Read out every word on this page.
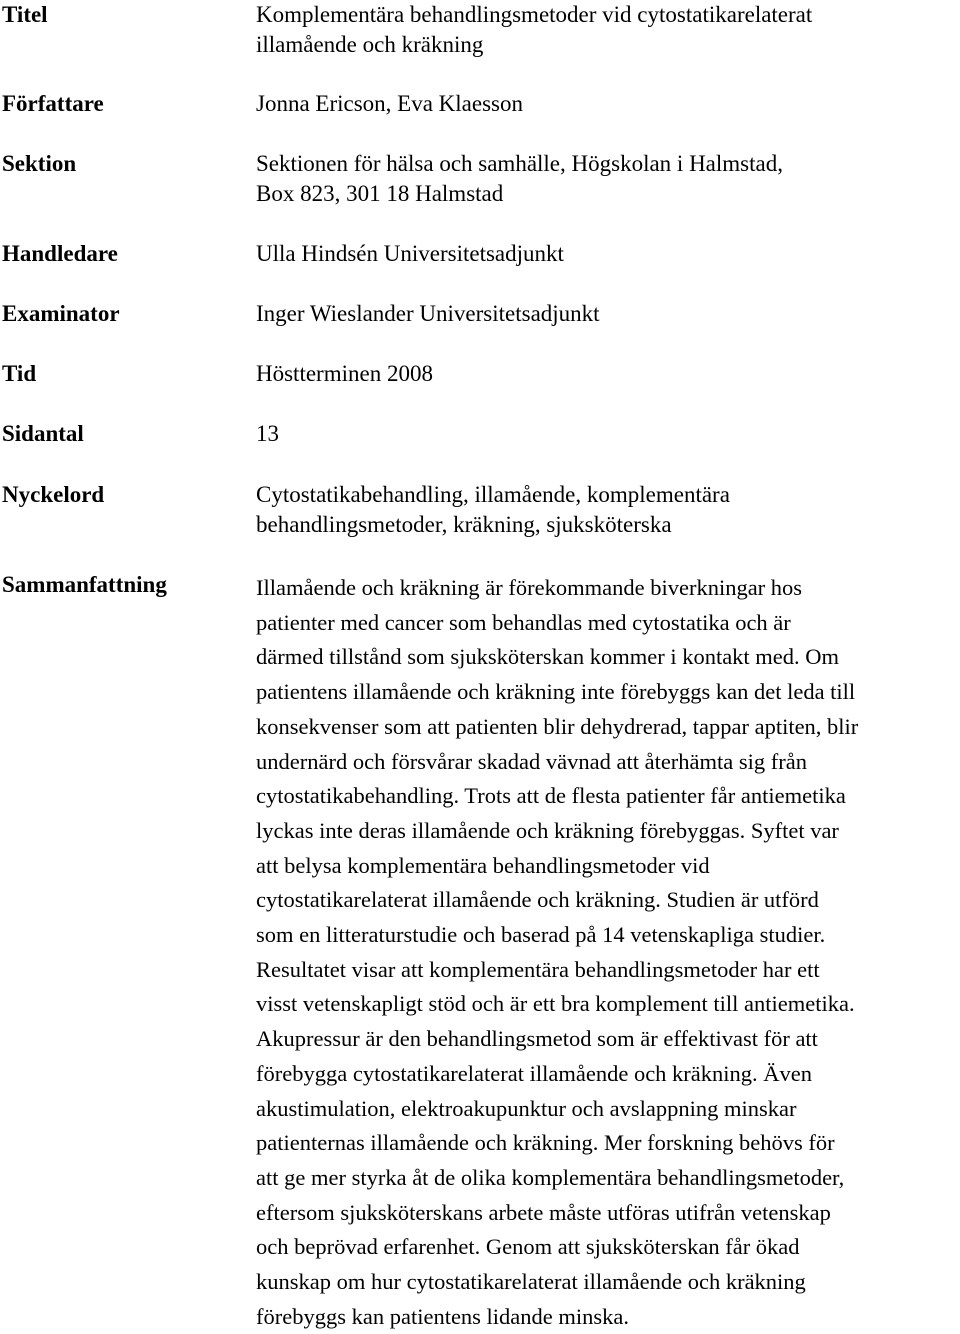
Titel	Komplementära behandlingsmetoder vid cytostatikarelaterat
illamående och kräkning
Författare	Jonna Ericson, Eva Klaesson
Sektion	Sektionen för hälsa och samhälle, Högskolan i Halmstad,
Box 823, 301 18 Halmstad
Handledare	Ulla Hindsén Universitetsadjunkt
Examinator	Inger Wieslander Universitetsadjunkt
Tid	Höstterminen 2008
Sidantal	13
Nyckelord	Cytostatikabehandling, illamående, komplementära
behandlingsmetoder, kräkning, sjuksköterska
Sammanfattning	Illamående och kräkning är förekommande biverkningar hos
patienter med cancer som behandlas med cytostatika och är
därmed tillstånd som sjuksköterskan kommer i kontakt med. Om
patientens illamående och kräkning inte förebyggs kan det leda till
konsekvenser som att patienten blir dehydrerad, tappar aptiten, blir
undernärd och försvårar skadad vävnad att återhämta sig från
cytostatikabehandling. Trots att de flesta patienter får antiemetika
lyckas inte deras illamående och kräkning förebyggas. Syftet var
att belysa komplementära behandlingsmetoder vid
cytostatikarelaterat illamående och kräkning. Studien är utförd
som en litteraturstudie och baserad på 14 vetenskapliga studier.
Resultatet visar att komplementära behandlingsmetoder har ett
visst vetenskapligt stöd och är ett bra komplement till antiemetika.
Akupressur är den behandlingsmetod som är effektivast för att
förebygga cytostatikarelaterat illamående och kräkning. Även
akustimulation, elektroakupunktur och avslappning minskar
patienternas illamående och kräkning. Mer forskning behövs för
att ge mer styrka åt de olika komplementära behandlingsmetoder,
eftersom sjuksköterskans arbete måste utföras utifrån vetenskap
och beprövad erfarenhet. Genom att sjuksköterskan får ökad
kunskap om hur cytostatikarelaterat illamående och kräkning
förebyggs kan patientens lidande minska.
